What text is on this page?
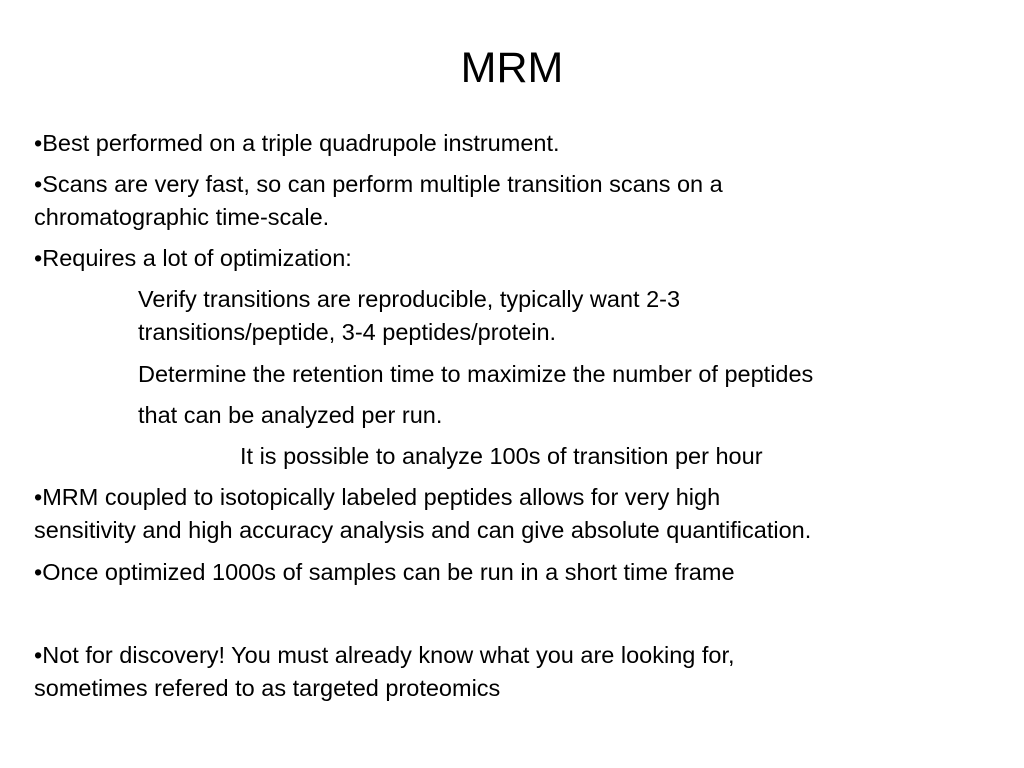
MRM
•Best performed on a triple quadrupole instrument.
•Scans are very fast, so can perform multiple transition scans on a
chromatographic time-scale.
•Requires a lot of optimization:
Verify transitions are reproducible, typically want 2-3
transitions/peptide, 3-4 peptides/protein.
Determine the retention time to maximize the number of peptides
that can be analyzed per run.
It is possible to analyze 100s of transition per hour
•MRM coupled to isotopically labeled peptides allows for very high
sensitivity and high accuracy analysis and can give absolute quantification.
•Once optimized 1000s of samples can be run in a short time frame
•Not for discovery! You must already know what you are looking for,
sometimes refered to as targeted proteomics
